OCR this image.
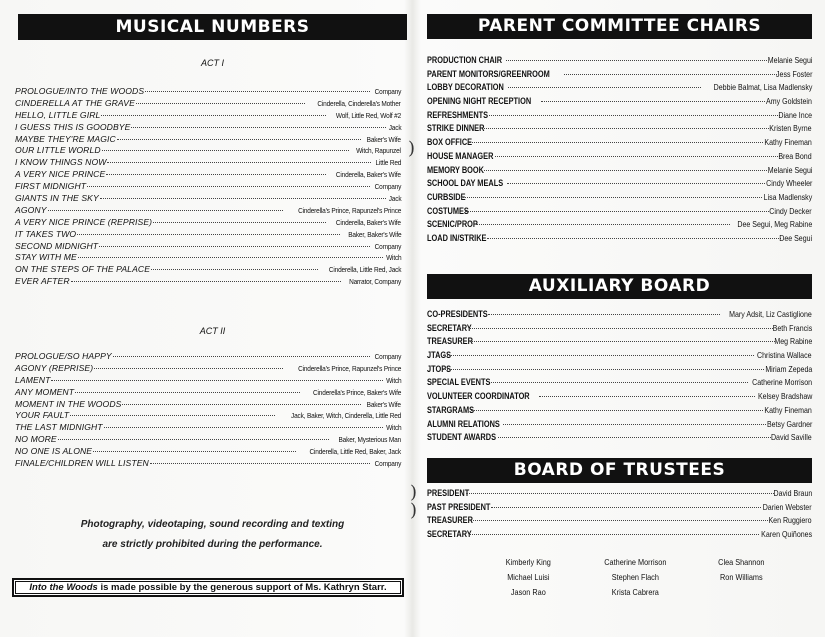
MUSICAL NUMBERS
ACT I
PROLOGUE/INTO THE WOODS	Company
CINDERELLA AT THE GRAVE	Cinderella, Cinderella's Mother
HELLO, LITTLE GIRL	Wolf, Little Red, Wolf #2
I GUESS THIS IS GOODBYE	Jack
MAYBE THEY'RE MAGIC	Baker's Wife
OUR LITTLE WORLD	Witch, Rapunzel
I KNOW THINGS NOW	Little Red
A VERY NICE PRINCE	Cinderella, Baker's Wife
FIRST MIDNIGHT	Company
GIANTS IN THE SKY	Jack
AGONY	Cinderella's Prince, Rapunzel's Prince
A VERY NICE PRINCE (REPRISE)	Cinderella, Baker's Wife
IT TAKES TWO	Baker, Baker's Wife
SECOND MIDNIGHT	Company
STAY WITH ME	Witch
ON THE STEPS OF THE PALACE	Cinderella, Little Red, Jack
EVER AFTER	Narrator, Company
ACT II
PROLOGUE/SO HAPPY	Company
AGONY (REPRISE)	Cinderella's Prince, Rapunzel's Prince
LAMENT	Witch
ANY MOMENT	Cinderella's Prince, Baker's Wife
MOMENT IN THE WOODS	Baker's Wife
YOUR FAULT	Jack, Baker, Witch, Cinderella, Little Red
THE LAST MIDNIGHT	Witch
NO MORE	Baker, Mysterious Man
NO ONE IS ALONE	Cinderella, Little Red, Baker, Jack
FINALE/CHILDREN WILL LISTEN	Company
Photography, videotaping, sound recording and texting
are strictly prohibited during the performance.
Into the Woods is made possible by the generous support of Ms. Kathryn Starr.
)
)
)
PARENT COMMITTEE CHAIRS
PRODUCTION CHAIR	Melanie Segui
PARENT MONITORS/GREENROOM	Jess Foster
LOBBY DECORATION	Debbie Balmat, Lisa Madlensky
OPENING NIGHT RECEPTION	Amy Goldstein
REFRESHMENTS	Diane Ince
STRIKE DINNER	Kristen Byrne
BOX OFFICE	Kathy Fineman
HOUSE MANAGER	Brea Bond
MEMORY BOOK	Melanie Segui
SCHOOL DAY MEALS	Cindy Wheeler
CURBSIDE	Lisa Madlensky
COSTUMES	Cindy Decker
SCENIC/PROP	Dee Segui, Meg Rabine
LOAD IN/STRIKE	Dee Segui
AUXILIARY BOARD
CO-PRESIDENTS	Mary Adsit, Liz Castiglione
SECRETARY	Beth Francis
TREASURER	Meg Rabine
JTAGS	Christina Wallace
JTOPS	Miriam Zepeda
SPECIAL EVENTS	Catherine Morrison
VOLUNTEER COORDINATOR	Kelsey Bradshaw
STARGRAMS	Kathy Fineman
ALUMNI RELATIONS	Betsy Gardner
STUDENT AWARDS	David Saville
BOARD OF TRUSTEES
PRESIDENT	David Braun
PAST PRESIDENT	Darien Webster
TREASURER	Ken Ruggiero
SECRETARY	Karen Quiñones
Kimberly King	Catherine Morrison	Clea Shannon
Michael Luisi	Stephen Flach	Ron Williams
Jason Rao	Krista Cabrera
